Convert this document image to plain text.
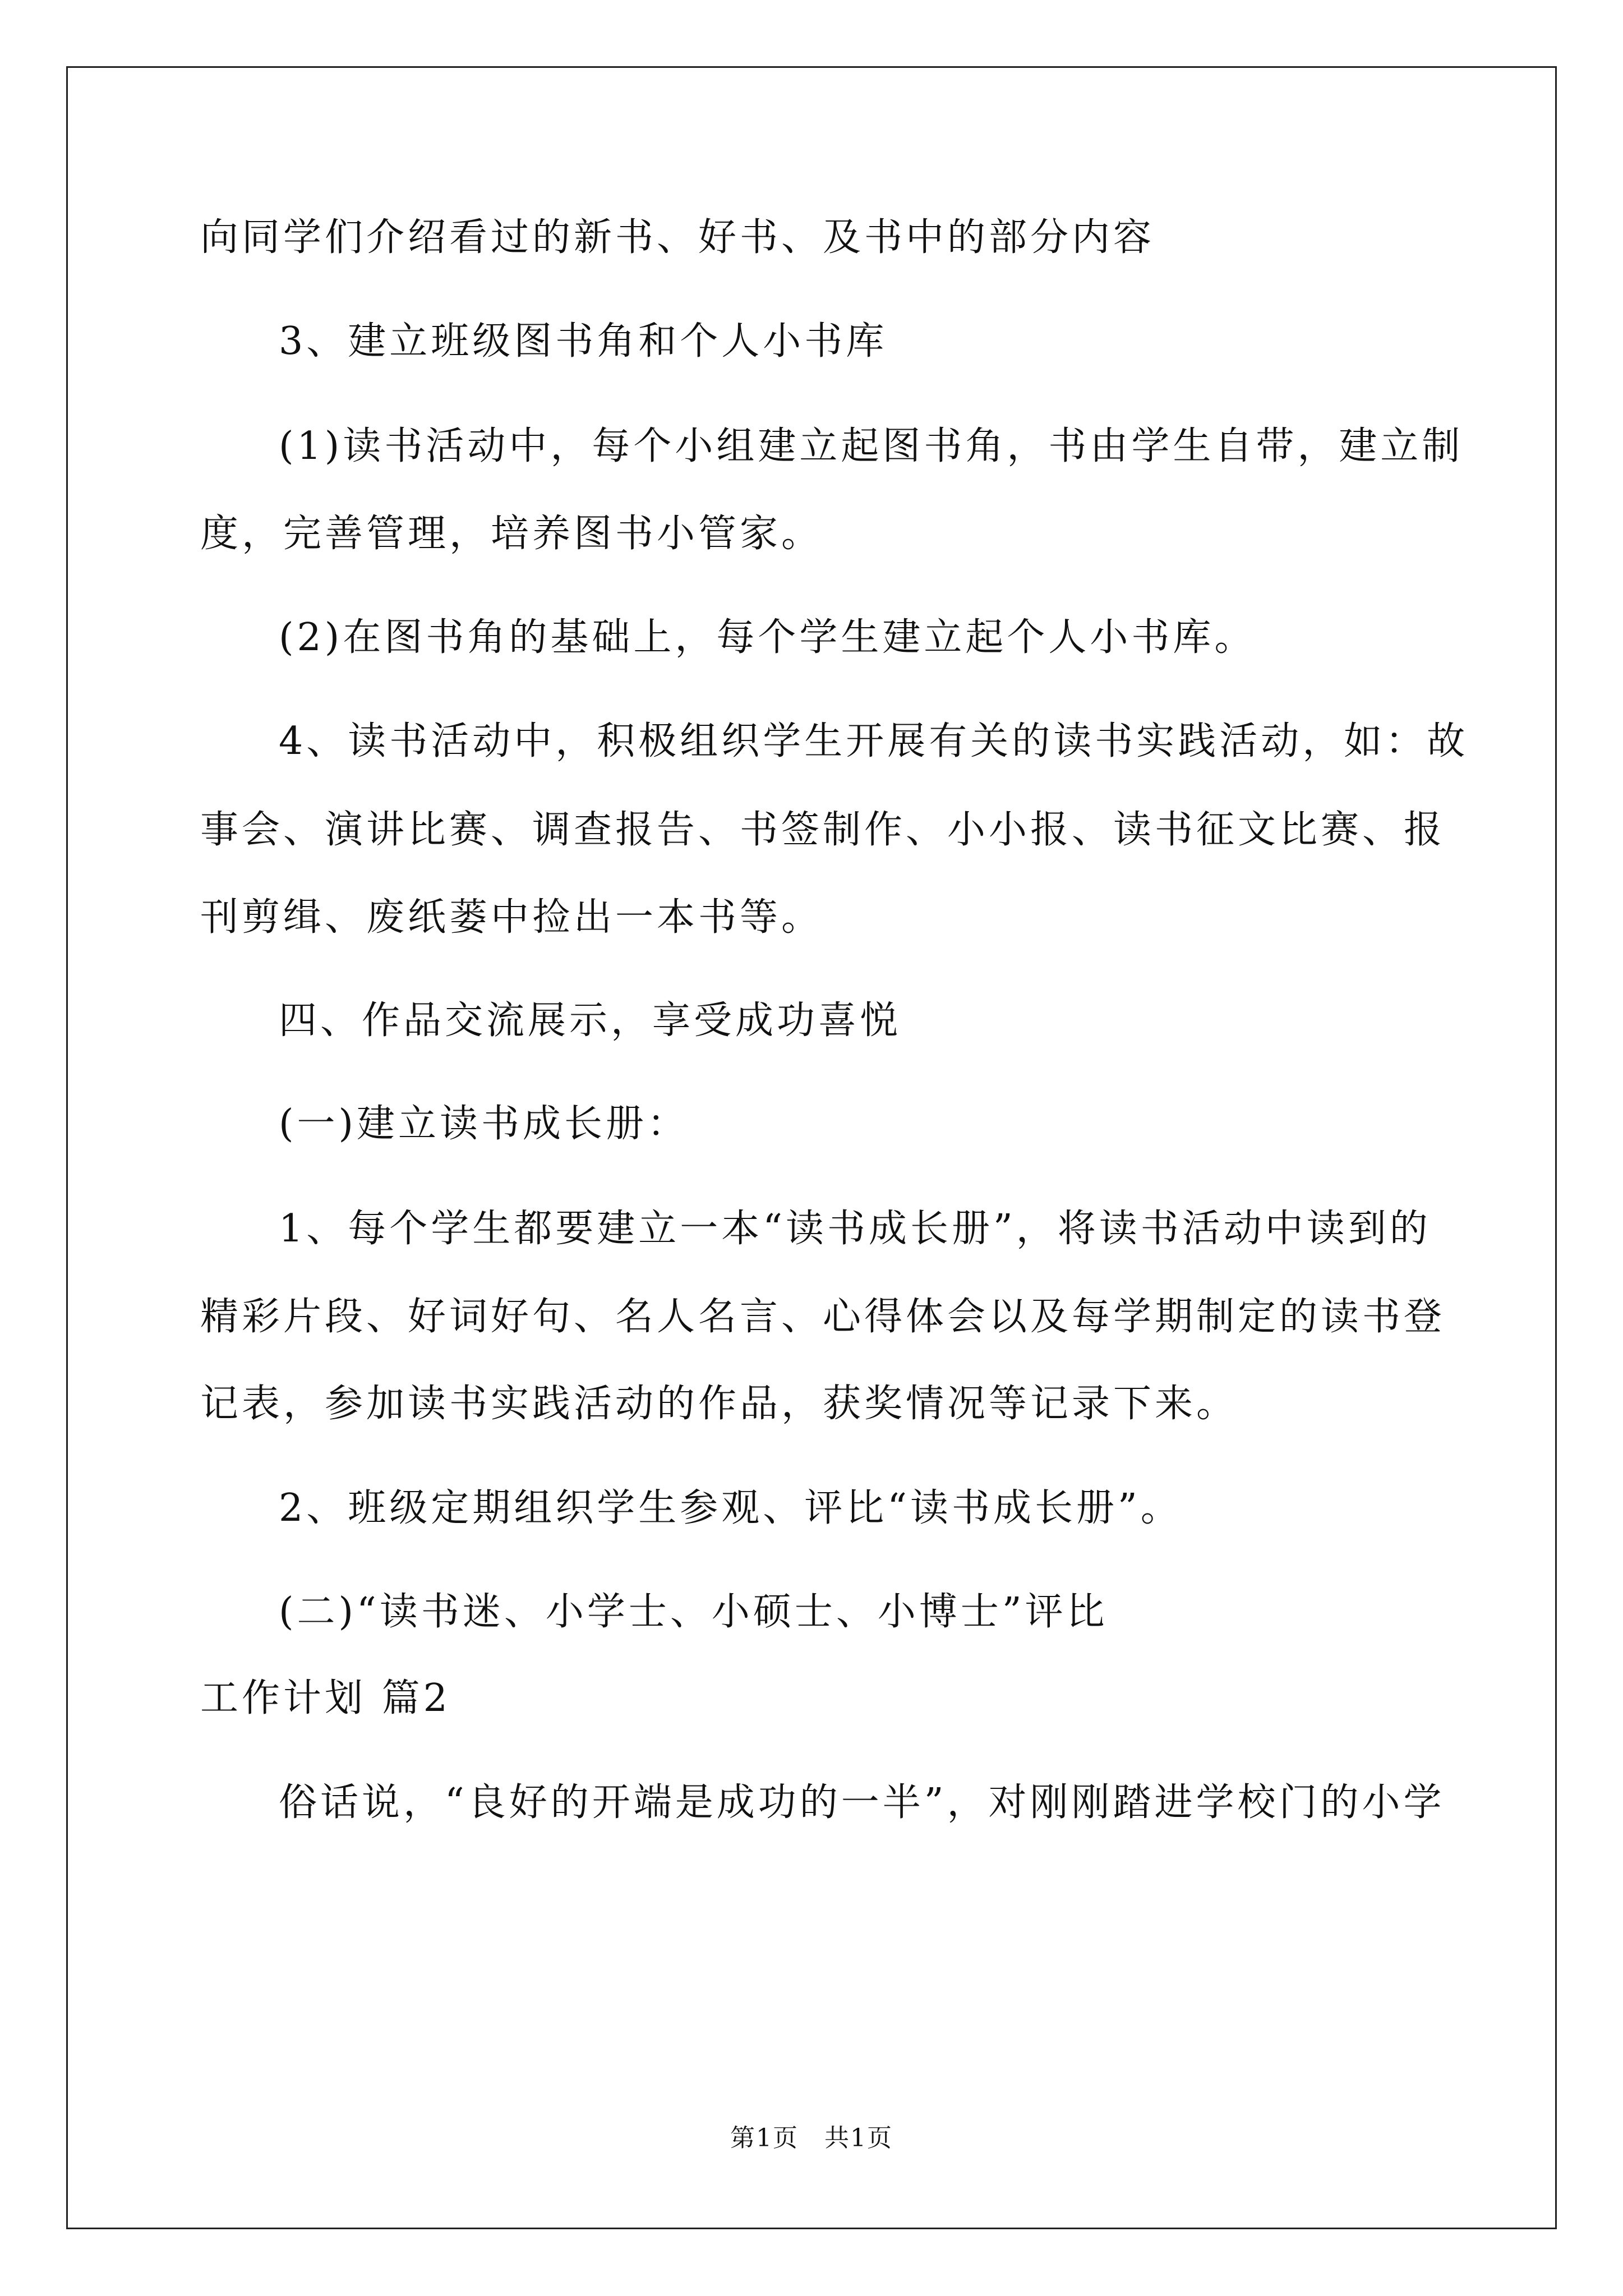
向同学们介绍看过的新书、好书、及书中的部分内容
3、建立班级图书角和个人小书库
(1)读书活动中，每个小组建立起图书角，书由学生自带，建立制
度，完善管理，培养图书小管家。
(2)在图书角的基础上，每个学生建立起个人小书库。
4、读书活动中，积极组织学生开展有关的读书实践活动，如：故
事会、演讲比赛、调查报告、书签制作、小小报、读书征文比赛、报
刊剪缉、废纸蒌中捡出一本书等。
四、作品交流展示，享受成功喜悦
(一)建立读书成长册：
1、每个学生都要建立一本“读书成长册”，将读书活动中读到的
精彩片段、好词好句、名人名言、心得体会以及每学期制定的读书登
记表，参加读书实践活动的作品，获奖情况等记录下来。
2、班级定期组织学生参观、评比“读书成长册”。
(二)“读书迷、小学士、小硕士、小博士”评比
工作计划 篇2
俗话说，“良好的开端是成功的一半”，对刚刚踏进学校门的小学
第1页　共1页
